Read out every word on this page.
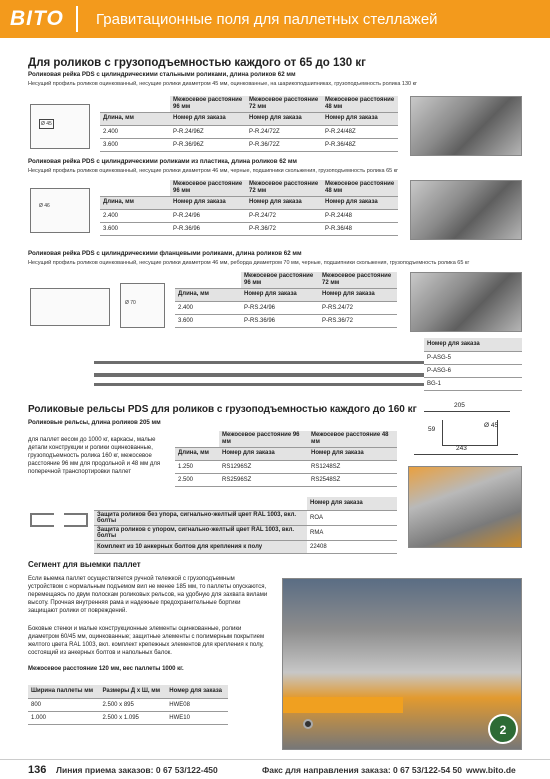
BITO	Гравитационные поля для паллетных стеллажей
Для роликов с грузоподъемностью каждого от 65 до 130 кг
Роликовая рейка PDS с цилиндрическими стальными роликами, длина роликов 62 мм
Несущий профиль роликов оцинкованный, несущие ролики диаметром 45 мм, оцинкованные, на шарикоподшипниках, грузоподъемность ролика 130 кг
Ø 45
	Межосевое расстояние 96 мм	Межосевое расстояние 72 мм	Межосевое расстояние 48 мм
Длина, мм	Номер для заказа	Номер для заказа	Номер для заказа
2.400	P-R.24/96Z	P-R.24/72Z	P-R.24/48Z
3.600	P-R.36/96Z	P-R.36/72Z	P-R.36/48Z
Роликовая рейка PDS с цилиндрическими роликами из пластика, длина роликов 62 мм
Несущий профиль роликов оцинкованный, несущие ролики диаметром 46 мм, черные, подшипники скольжения, грузоподъемность ролика 65 кг
Ø 46
	Межосевое расстояние 96 мм	Межосевое расстояние 72 мм	Межосевое расстояние 48 мм
Длина, мм	Номер для заказа	Номер для заказа	Номер для заказа
2.400	P-R.24/96	P-R.24/72	P-R.24/48
3.600	P-R.36/96	P-R.36/72	P-R.36/48
Роликовая рейка PDS с цилиндрическими фланцевыми роликами, длина роликов 62 мм
Несущий профиль роликов оцинкованный, несущие ролики диаметром 46 мм, реборда диаметром 70 мм, черные, подшипники скольжения, грузоподъемность ролика 65 кг
Ø 70
	Межосевое расстояние 96 мм	Межосевое расстояние 72 мм
Длина, мм	Номер для заказа	Номер для заказа
2.400	P-RS.24/96	P-RS.24/72
3.600	P-RS.36/96	P-RS.36/72
Номер для заказа
P-ASG-5
P-ASG-6
BG-1
Роликовые рельсы PDS для роликов с грузоподъемностью каждого до 160 кг
Роликовые рельсы, длина роликов 205 мм
для паллет весом до 1000 кг, каркасы, малые детали конструкции и ролики оцинкованные, грузоподъемность ролика 160 кг, межосевое расстояние 96 мм для продольной и 48 мм для поперечной транспортировки паллет
	Межосевое расстояние 96 мм	Межосевое расстояние 48 мм
Длина, мм	Номер для заказа	Номер для заказа
1.250	RS1296SZ	RS1248SZ
2.500	RS2596SZ	RS2548SZ
	Номер для заказа
Защита роликов без упора, сигнально-желтый цвет RAL 1003, вкл. болты	ROA
Защита роликов с упором, сигнально-желтый цвет RAL 1003, вкл. болты	RMA
Комплект из 10 анкерных болтов для крепления к полу	22408
205
59
Ø 45
243
Сегмент для выемки паллет
Если выемка паллет осуществляется ручной тележкой с грузоподъемным устройством с нормальным подъемом вил не менее 185 мм, то паллеты опускаются, перемещаясь по двум полоскам роликовых рельсов, на удобную для захвата вилами высоту. Прочная внутренняя рама и надежные предохранительные бортики защищают ролики от повреждений.
Боковые стенки и малые конструкционные элементы оцинкованные, ролики диаметром 60/45 мм, оцинкованные; защитные элементы с полимерным покрытием желтого цвета RAL 1003, вкл. комплект крепежных элементов для крепления к полу, состоящий из анкерных болтов и напольных балок.
Межосевое расстояние 120 мм, вес паллеты 1000 кг.
Ширина паллеты мм	Размеры Д х Ш, мм	Номер для заказа
800	2.500 x 895	HWE08
1.000	2.500 x 1.095	HWE10
2
136 Линия приема заказов: 0 67 53/122-450	Факс для направления заказа: 0 67 53/122-54 50 www.bito.de
